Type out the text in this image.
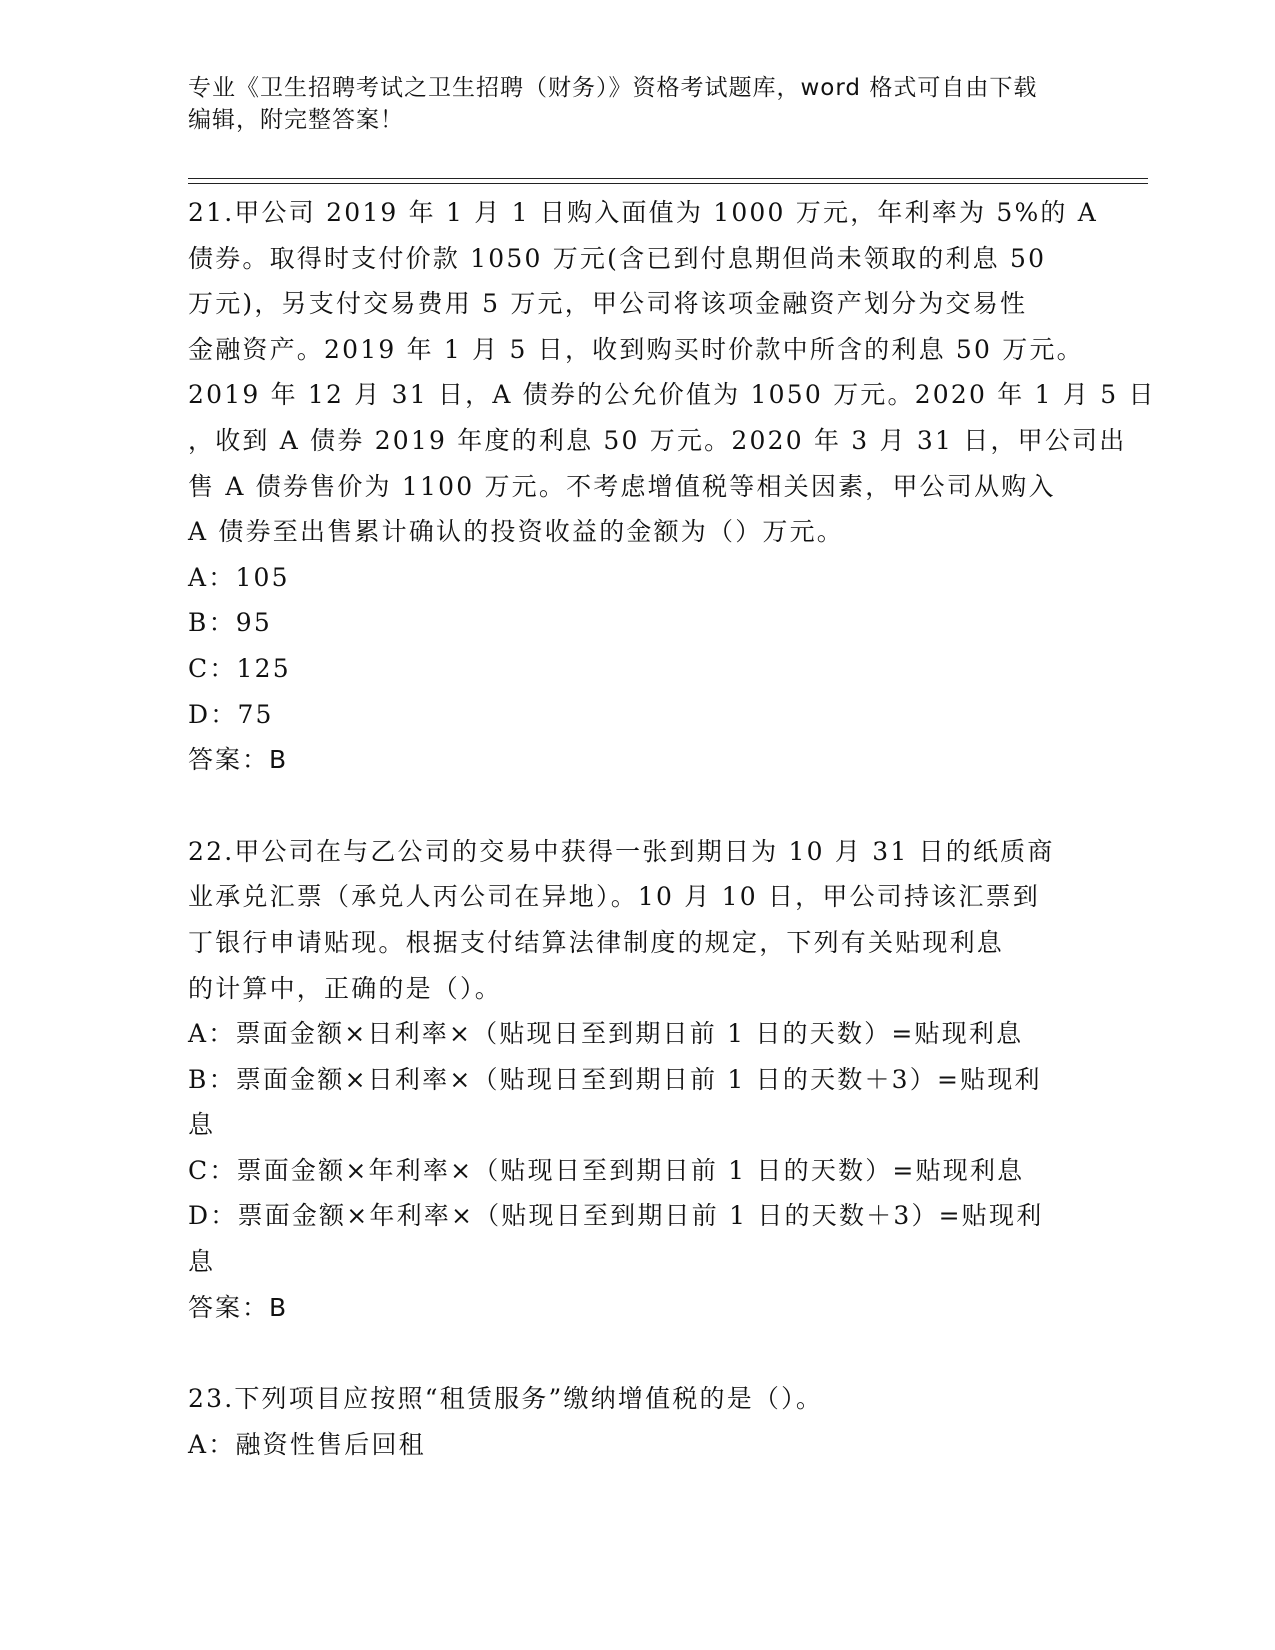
专业《卫生招聘考试之卫生招聘（财务）》资格考试题库，word 格式可自由下载
编辑，附完整答案！
21.甲公司 2019 年 1 月 1 日购入面值为 1000 万元，年利率为 5%的 A
债券。取得时支付价款 1050 万元(含已到付息期但尚未领取的利息 50
万元)，另支付交易费用 5 万元，甲公司将该项金融资产划分为交易性
金融资产。2019 年 1 月 5 日，收到购买时价款中所含的利息 50 万元。
2019 年 12 月 31 日，A 债券的公允价值为 1050 万元。2020 年 1 月 5 日
，收到 A 债券 2019 年度的利息 50 万元。2020 年 3 月 31 日，甲公司出
售 A 债券售价为 1100 万元。不考虑增值税等相关因素，甲公司从购入
A 债券至出售累计确认的投资收益的金额为（）万元。
A：105
B：95
C：125
D：75
答案：B
22.甲公司在与乙公司的交易中获得一张到期日为 10 月 31 日的纸质商
业承兑汇票（承兑人丙公司在异地）。10 月 10 日，甲公司持该汇票到
丁银行申请贴现。根据支付结算法律制度的规定，下列有关贴现利息
的计算中，正确的是（）。
A：票面金额×日利率×（贴现日至到期日前 1 日的天数）=贴现利息
B：票面金额×日利率×（贴现日至到期日前 1 日的天数＋3）=贴现利
息
C：票面金额×年利率×（贴现日至到期日前 1 日的天数）=贴现利息
D：票面金额×年利率×（贴现日至到期日前 1 日的天数＋3）=贴现利
息
答案：B
23.下列项目应按照“租赁服务”缴纳增值税的是（）。
A：融资性售后回租
